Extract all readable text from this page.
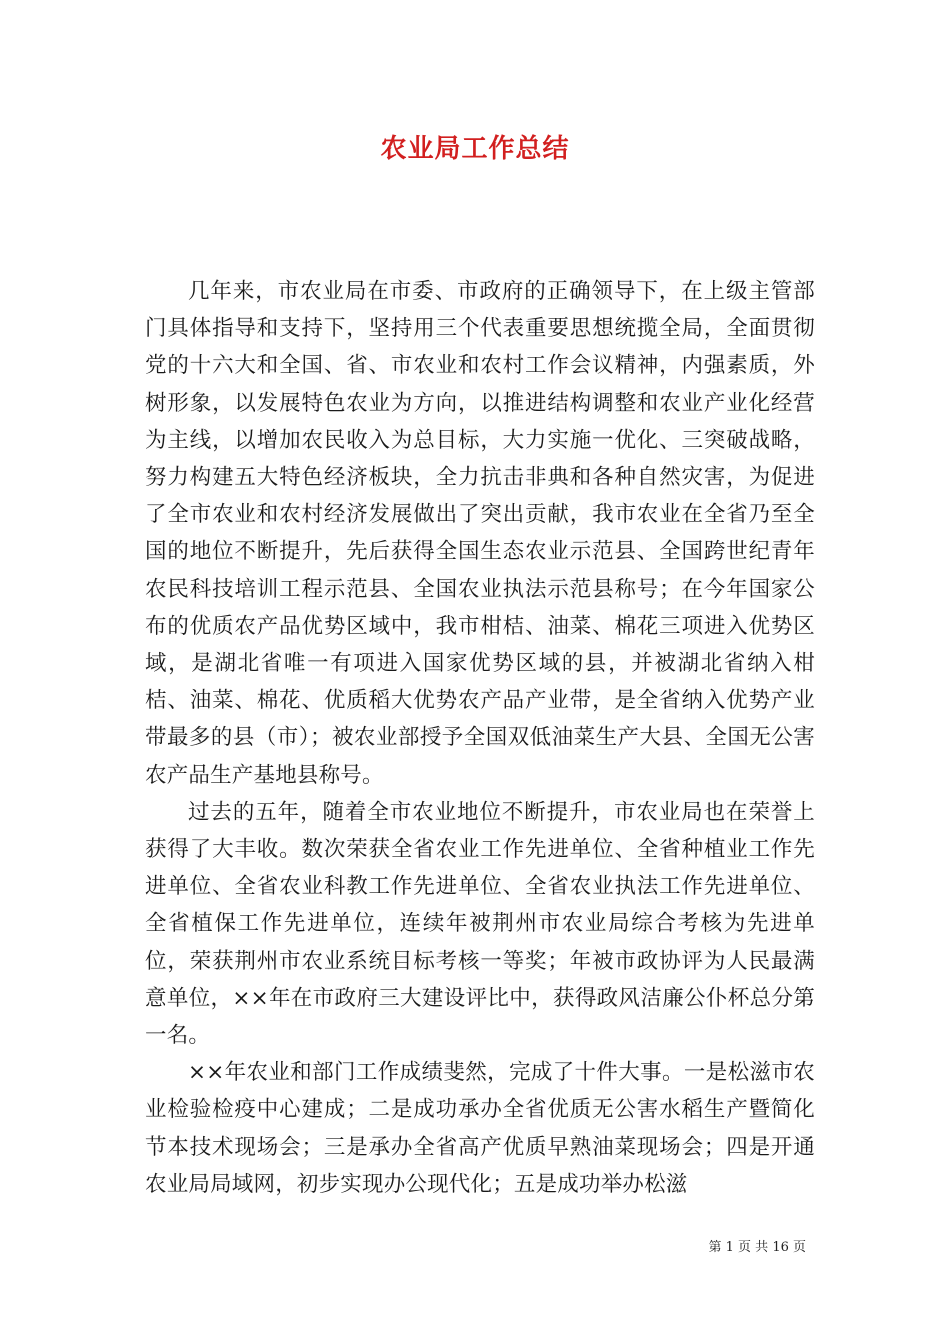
农业局工作总结

几年来，市农业局在市委、市政府的正确领导下，在上级主管部门具体指导和支持下，坚持用三个代表重要思想统揽全局，全面贯彻党的十六大和全国、省、市农业和农村工作会议精神，内强素质，外树形象，以发展特色农业为方向，以推进结构调整和农业产业化经营为主线，以增加农民收入为总目标，大力实施一优化、三突破战略，努力构建五大特色经济板块，全力抗击非典和各种自然灾害，为促进了全市农业和农村经济发展做出了突出贡献，我市农业在全省乃至全国的地位不断提升，先后获得全国生态农业示范县、全国跨世纪青年农民科技培训工程示范县、全国农业执法示范县称号；在今年国家公布的优质农产品优势区域中，我市柑桔、油菜、棉花三项进入优势区域，是湖北省唯一有项进入国家优势区域的县，并被湖北省纳入柑桔、油菜、棉花、优质稻大优势农产品产业带，是全省纳入优势产业带最多的县（市）；被农业部授予全国双低油菜生产大县、全国无公害农产品生产基地县称号。

过去的五年，随着全市农业地位不断提升，市农业局也在荣誉上获得了大丰收。数次荣获全省农业工作先进单位、全省种植业工作先进单位、全省农业科教工作先进单位、全省农业执法工作先进单位、全省植保工作先进单位，连续年被荆州市农业局综合考核为先进单位，荣获荆州市农业系统目标考核一等奖；年被市政协评为人民最满意单位，××年在市政府三大建设评比中，获得政风洁廉公仆杯总分第一名。

××年农业和部门工作成绩斐然，完成了十件大事。一是松滋市农业检验检疫中心建成；二是成功承办全省优质无公害水稻生产暨简化节本技术现场会；三是承办全省高产优质早熟油菜现场会；四是开通农业局局域网，初步实现办公现代化；五是成功举办松滋

第 1 页 共 16 页
